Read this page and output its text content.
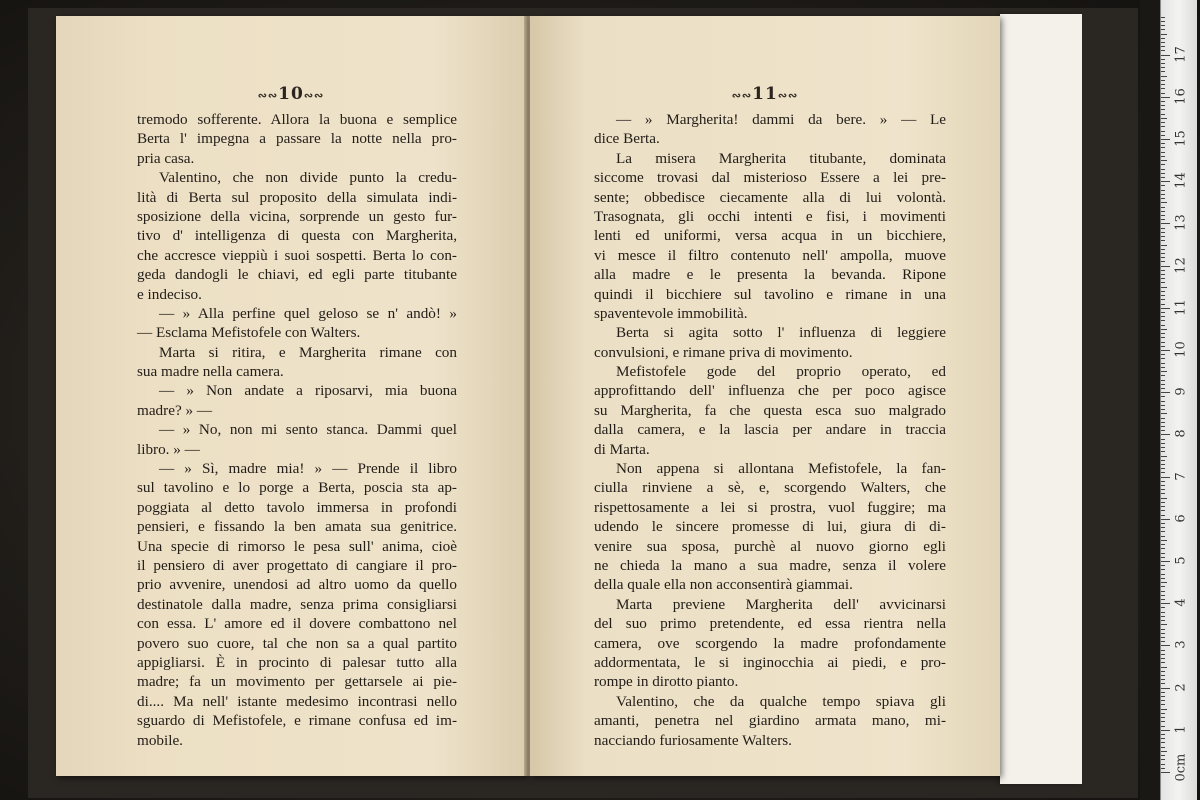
∾∾10∾∾
tremodo sofferente. Allora la buona e semplice
Berta l' impegna a passare la notte nella pro-
pria casa.
Valentino, che non divide punto la credu-
lità di Berta sul proposito della simulata indi-
sposizione della vicina, sorprende un gesto fur-
tivo d' intelligenza di questa con Margherita,
che accresce vieppiù i suoi sospetti. Berta lo con-
geda dandogli le chiavi, ed egli parte titubante
e indeciso.
— » Alla perfine quel geloso se n' andò! »
— Esclama Mefistofele con Walters.
Marta si ritira, e Margherita rimane con
sua madre nella camera.
— » Non andate a riposarvi, mia buona
madre? » —
— » No, non mi sento stanca. Dammi quel
libro. » —
— » Sì, madre mia! » — Prende il libro
sul tavolino e lo porge a Berta, poscia sta ap-
poggiata al detto tavolo immersa in profondi
pensieri, e fissando la ben amata sua genitrice.
Una specie di rimorso le pesa sull' anima, cioè
il pensiero di aver progettato di cangiare il pro-
prio avvenire, unendosi ad altro uomo da quello
destinatole dalla madre, senza prima consigliarsi
con essa. L' amore ed il dovere combattono nel
povero suo cuore, tal che non sa a qual partito
appigliarsi. È in procinto di palesar tutto alla
madre; fa un movimento per gettarsele ai pie-
di.... Ma nell' istante medesimo incontrasi nello
sguardo di Mefistofele, e rimane confusa ed im-
mobile.
∾∾11∾∾
— » Margherita! dammi da bere. » — Le
dice Berta.
La misera Margherita titubante, dominata
siccome trovasi dal misterioso Essere a lei pre-
sente; obbedisce ciecamente alla di lui volontà.
Trasognata, gli occhi intenti e fisi, i movimenti
lenti ed uniformi, versa acqua in un bicchiere,
vi mesce il filtro contenuto nell' ampolla, muove
alla madre e le presenta la bevanda. Ripone
quindi il bicchiere sul tavolino e rimane in una
spaventevole immobilità.
Berta si agita sotto l' influenza di leggiere
convulsioni, e rimane priva di movimento.
Mefistofele gode del proprio operato, ed
approfittando dell' influenza che per poco agisce
su Margherita, fa che questa esca suo malgrado
dalla camera, e la lascia per andare in traccia
di Marta.
Non appena si allontana Mefistofele, la fan-
ciulla rinviene a sè, e, scorgendo Walters, che
rispettosamente a lei si prostra, vuol fuggire; ma
udendo le sincere promesse di lui, giura di di-
venire sua sposa, purchè al nuovo giorno egli
ne chieda la mano a sua madre, senza il volere
della quale ella non acconsentirà giammai.
Marta previene Margherita dell' avvicinarsi
del suo primo pretendente, ed essa rientra nella
camera, ove scorgendo la madre profondamente
addormentata, le si inginocchia ai piedi, e pro-
rompe in dirotto pianto.
Valentino, che da qualche tempo spiava gli
amanti, penetra nel giardino armata mano, mi-
nacciando furiosamente Walters.
0cm
1
2
3
4
5
6
7
8
9
10
11
12
13
14
15
16
17
